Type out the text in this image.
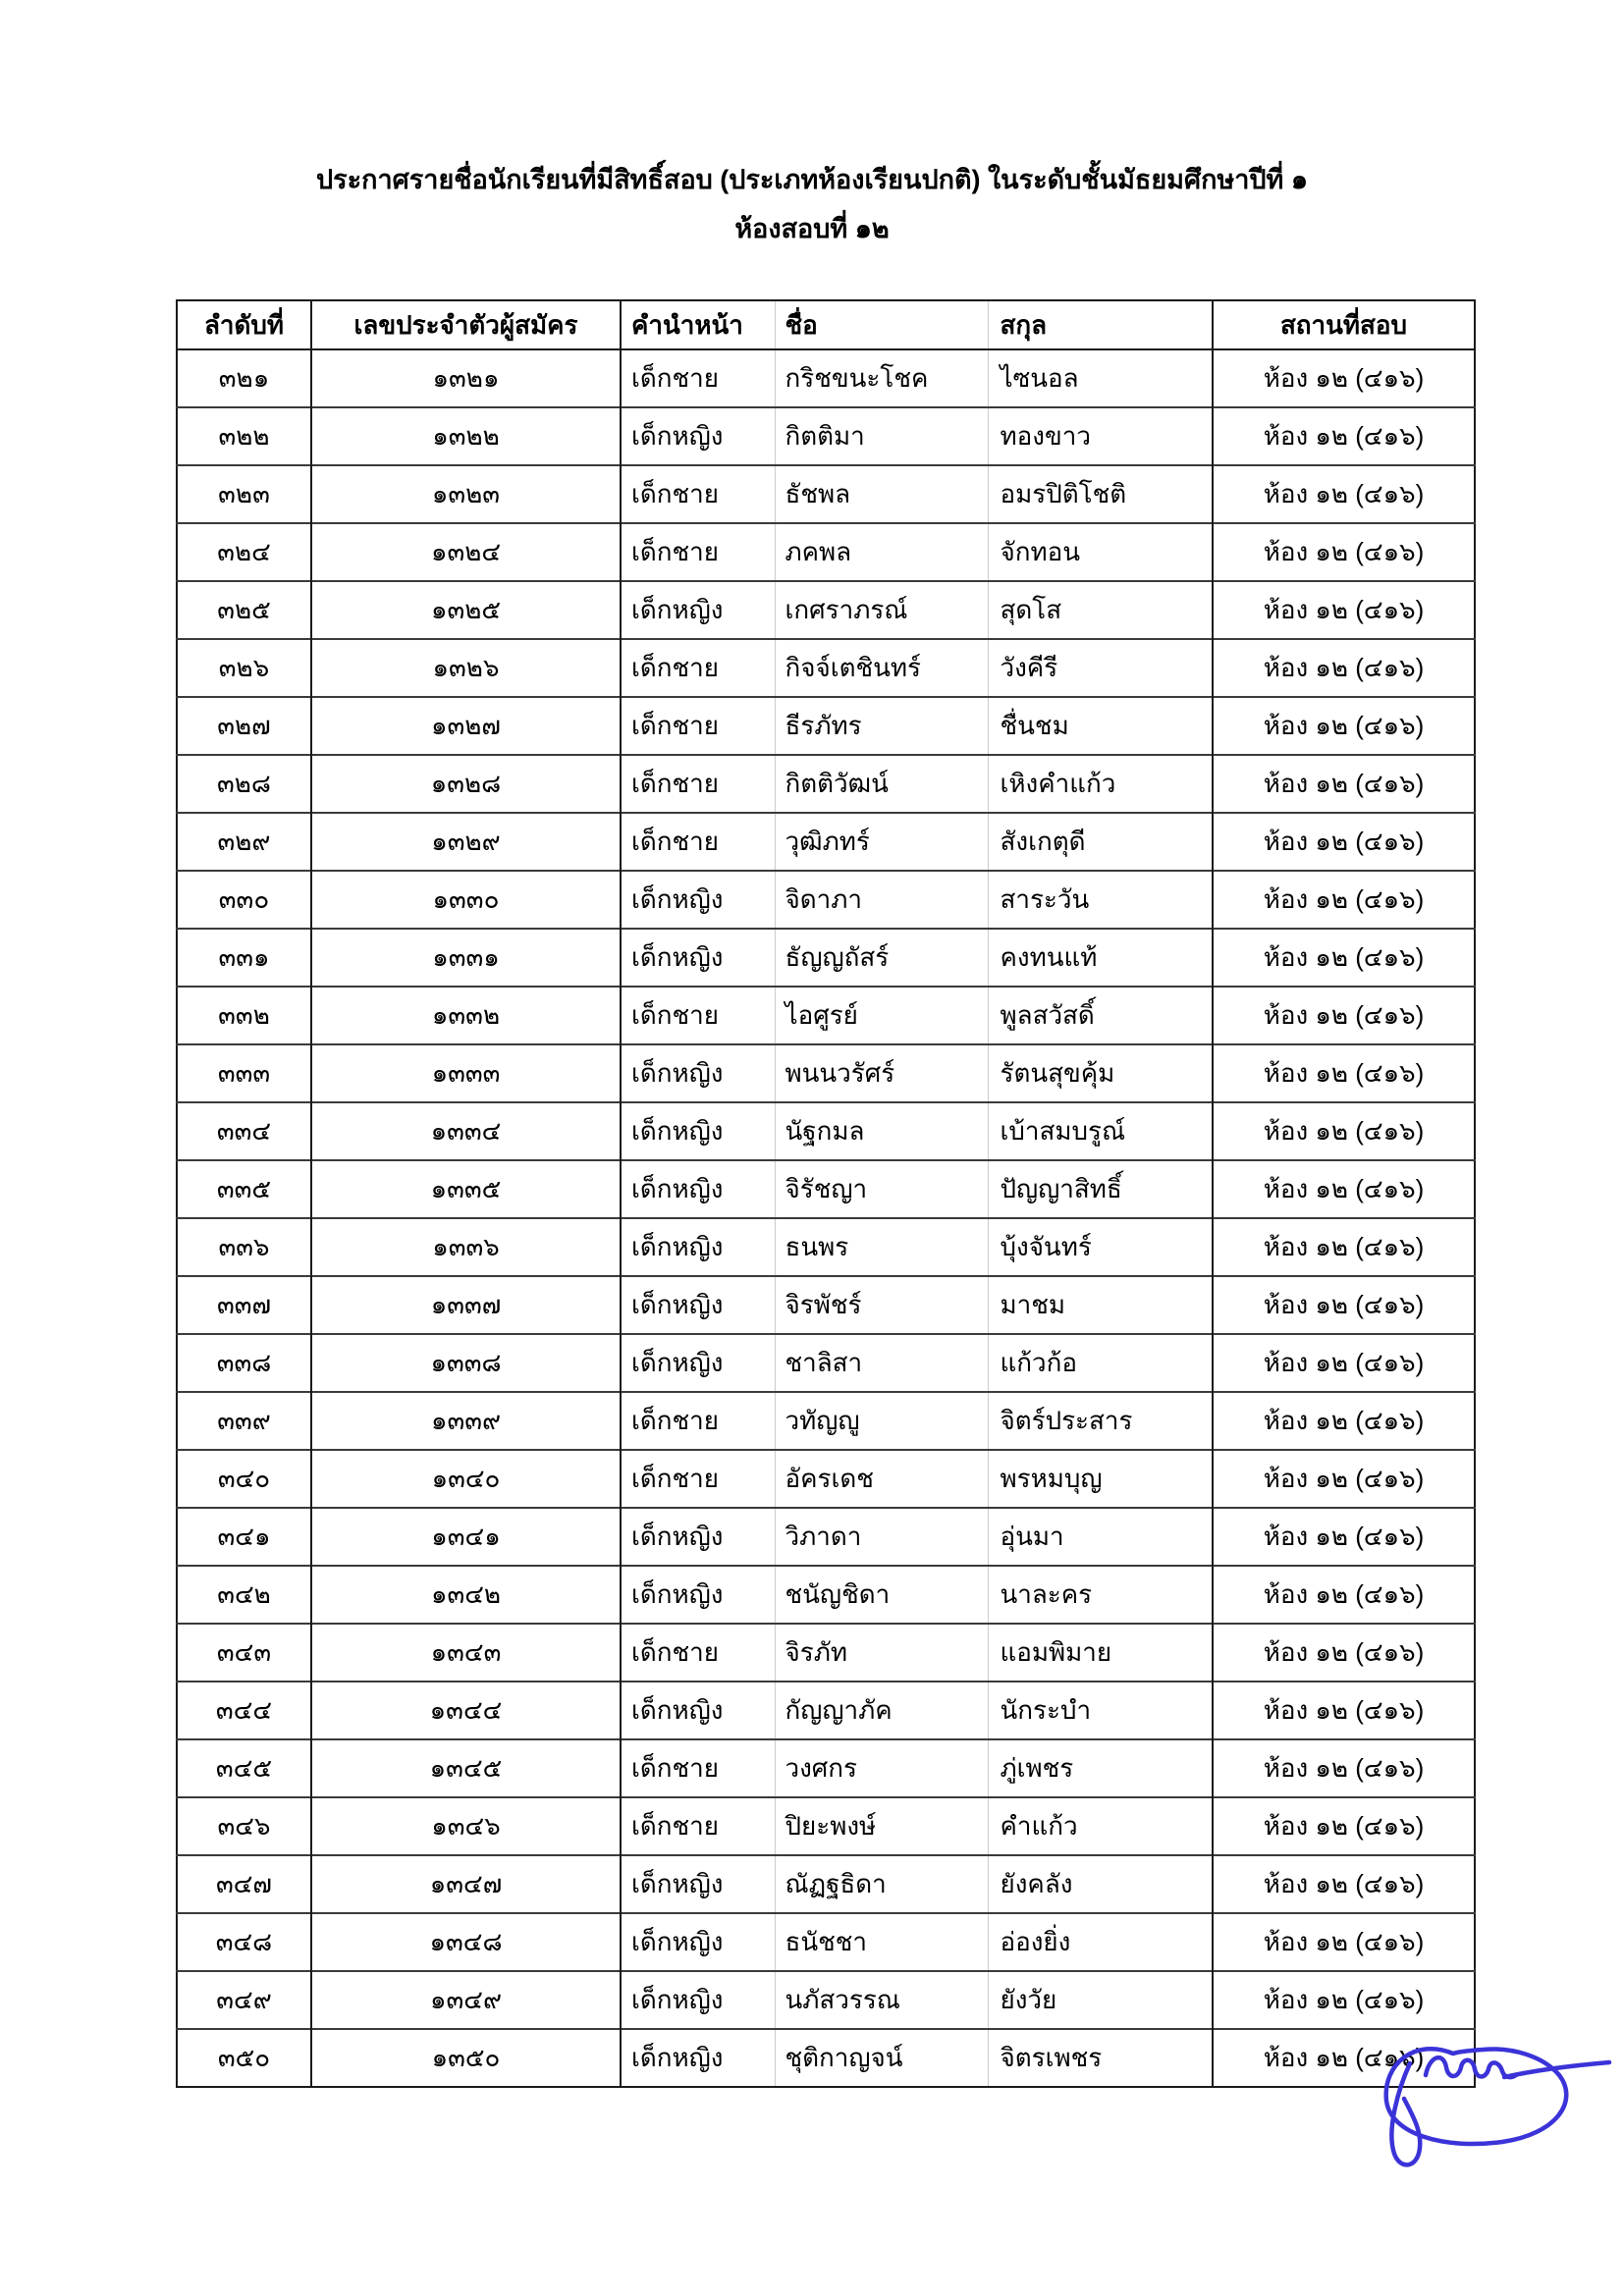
ประกาศรายชื่อนักเรียนที่มีสิทธิ์สอบ (ประเภทห้องเรียนปกติ) ในระดับชั้นมัธยมศึกษาปีที่ ๑
ห้องสอบที่ ๑๒
ลำดับที่	เลขประจำตัวผู้สมัคร	คำนำหน้า	ชื่อ	สกุล	สถานที่สอบ
๓๒๑	๑๓๒๑	เด็กชาย	กริชขนะโชค	ไซนอล	ห้อง ๑๒ (๔๑๖)
๓๒๒	๑๓๒๒	เด็กหญิง	กิตติมา	ทองขาว	ห้อง ๑๒ (๔๑๖)
๓๒๓	๑๓๒๓	เด็กชาย	ธัชพล	อมรปิติโชติ	ห้อง ๑๒ (๔๑๖)
๓๒๔	๑๓๒๔	เด็กชาย	ภคพล	จักทอน	ห้อง ๑๒ (๔๑๖)
๓๒๕	๑๓๒๕	เด็กหญิง	เกศราภรณ์	สุดโส	ห้อง ๑๒ (๔๑๖)
๓๒๖	๑๓๒๖	เด็กชาย	กิจจ์เตชินทร์	วังคีรี	ห้อง ๑๒ (๔๑๖)
๓๒๗	๑๓๒๗	เด็กชาย	ธีรภัทร	ชื่นชม	ห้อง ๑๒ (๔๑๖)
๓๒๘	๑๓๒๘	เด็กชาย	กิตติวัฒน์	เหิงคำแก้ว	ห้อง ๑๒ (๔๑๖)
๓๒๙	๑๓๒๙	เด็กชาย	วุฒิภทร์	สังเกตุดี	ห้อง ๑๒ (๔๑๖)
๓๓๐	๑๓๓๐	เด็กหญิง	จิดาภา	สาระวัน	ห้อง ๑๒ (๔๑๖)
๓๓๑	๑๓๓๑	เด็กหญิง	ธัญญถัสร์	คงทนแท้	ห้อง ๑๒ (๔๑๖)
๓๓๒	๑๓๓๒	เด็กชาย	ไอศูรย์	พูลสวัสดิ์	ห้อง ๑๒ (๔๑๖)
๓๓๓	๑๓๓๓	เด็กหญิง	พนนวรัศร์	รัตนสุขคุ้ม	ห้อง ๑๒ (๔๑๖)
๓๓๔	๑๓๓๔	เด็กหญิง	นัฐกมล	เบ้าสมบรูณ์	ห้อง ๑๒ (๔๑๖)
๓๓๕	๑๓๓๕	เด็กหญิง	จิรัชญา	ปัญญาสิทธิ์	ห้อง ๑๒ (๔๑๖)
๓๓๖	๑๓๓๖	เด็กหญิง	ธนพร	บุ้งจันทร์	ห้อง ๑๒ (๔๑๖)
๓๓๗	๑๓๓๗	เด็กหญิง	จิรพัชร์	มาชม	ห้อง ๑๒ (๔๑๖)
๓๓๘	๑๓๓๘	เด็กหญิง	ชาลิสา	แก้วก้อ	ห้อง ๑๒ (๔๑๖)
๓๓๙	๑๓๓๙	เด็กชาย	วทัญญู	จิตร์ประสาร	ห้อง ๑๒ (๔๑๖)
๓๔๐	๑๓๔๐	เด็กชาย	อัครเดช	พรหมบุญ	ห้อง ๑๒ (๔๑๖)
๓๔๑	๑๓๔๑	เด็กหญิง	วิภาดา	อุ่นมา	ห้อง ๑๒ (๔๑๖)
๓๔๒	๑๓๔๒	เด็กหญิง	ชนัญชิดา	นาละคร	ห้อง ๑๒ (๔๑๖)
๓๔๓	๑๓๔๓	เด็กชาย	จิรภัท	แอมพิมาย	ห้อง ๑๒ (๔๑๖)
๓๔๔	๑๓๔๔	เด็กหญิง	กัญญาภัค	นักระบำ	ห้อง ๑๒ (๔๑๖)
๓๔๕	๑๓๔๕	เด็กชาย	วงศกร	ภู่เพชร	ห้อง ๑๒ (๔๑๖)
๓๔๖	๑๓๔๖	เด็กชาย	ปิยะพงษ์	คำแก้ว	ห้อง ๑๒ (๔๑๖)
๓๔๗	๑๓๔๗	เด็กหญิง	ณัฏฐธิดา	ยังคลัง	ห้อง ๑๒ (๔๑๖)
๓๔๘	๑๓๔๘	เด็กหญิง	ธนัชชา	อ่องยิ่ง	ห้อง ๑๒ (๔๑๖)
๓๔๙	๑๓๔๙	เด็กหญิง	นภัสวรรณ	ยังวัย	ห้อง ๑๒ (๔๑๖)
๓๕๐	๑๓๕๐	เด็กหญิง	ชุติกาญจน์	จิตรเพชร	ห้อง ๑๒ (๔๑๖)
